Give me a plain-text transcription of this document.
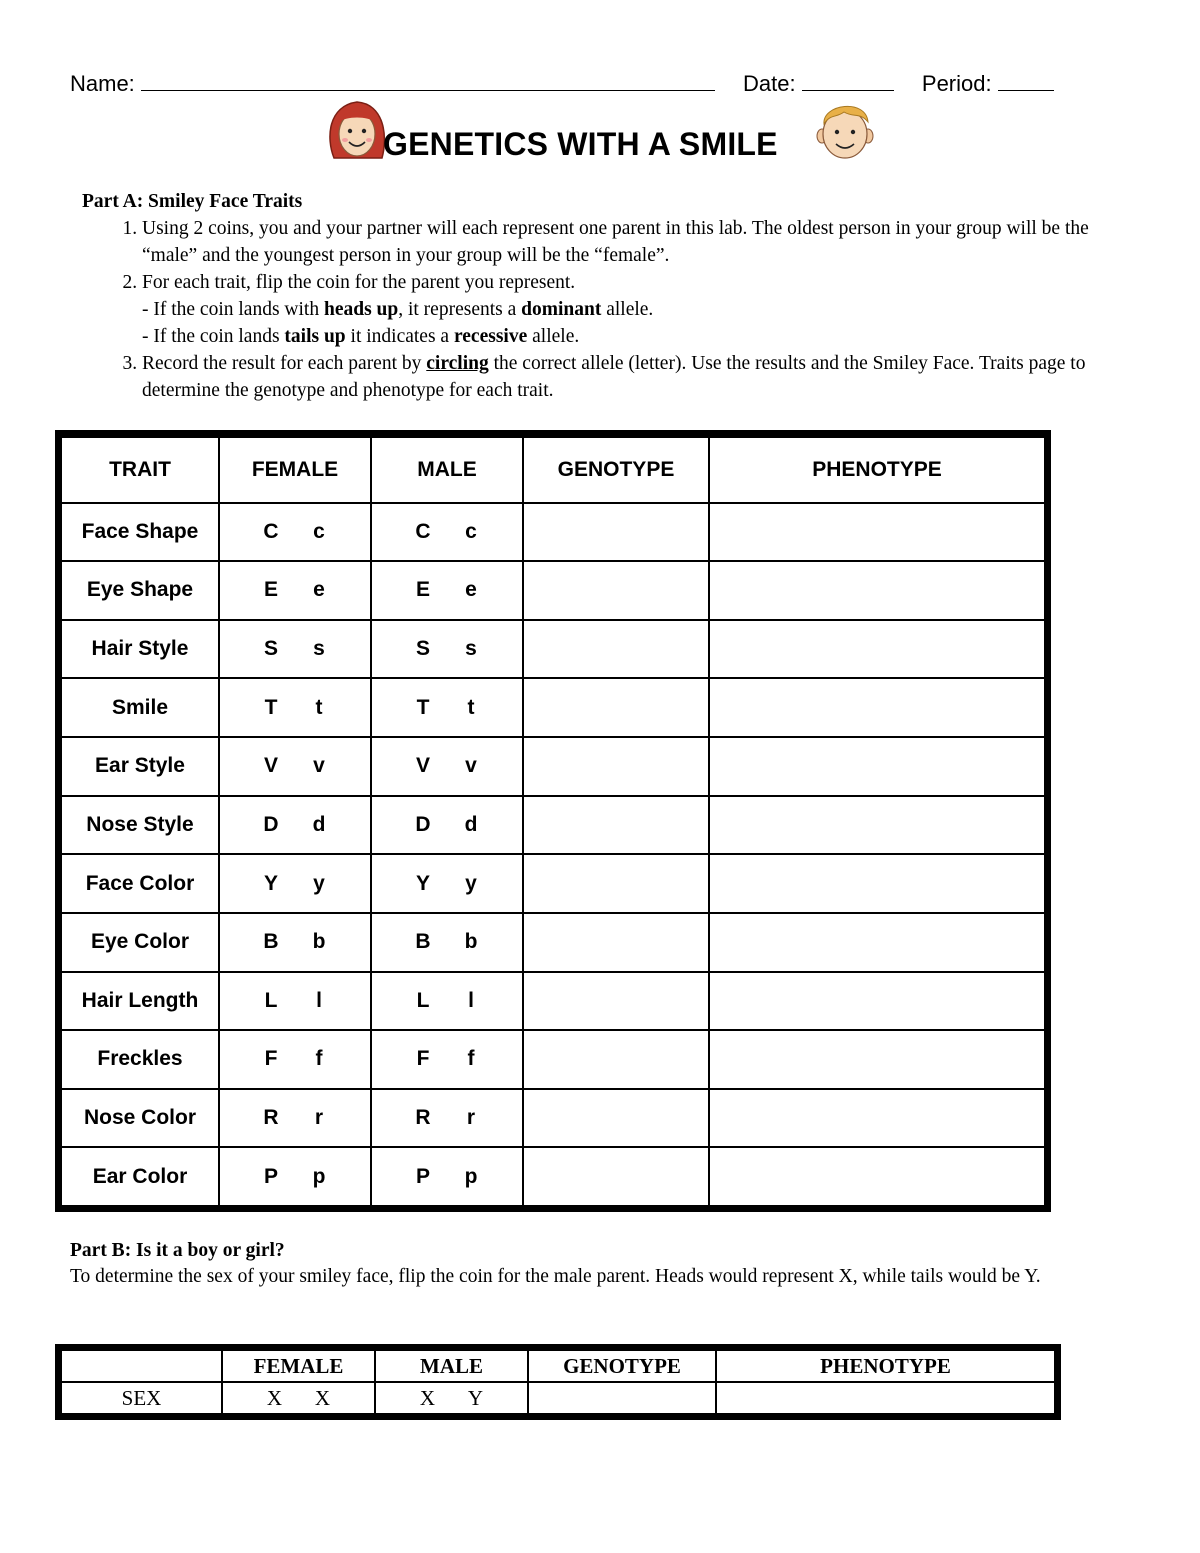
Name:	Date:	Period:
GENETICS WITH A SMILE
Part A: Smiley Face Traits
1. Using 2 coins, you and your partner will each represent one parent in this lab. The oldest person in your group will be the “male” and the youngest person in your group will be the “female”.
2. For each trait, flip the coin for the parent you represent.
- If the coin lands with heads up, it represents a dominant allele.
- If the coin lands tails up it indicates a recessive allele.
3. Record the result for each parent by circling the correct allele (letter). Use the results and the Smiley Face. Traits page to determine the genotype and phenotype for each trait.
TRAIT	FEMALE	MALE	GENOTYPE	PHENOTYPE
Face Shape	C c	C c		
Eye Shape	E e	E e		
Hair Style	S s	S s		
Smile	T t	T t		
Ear Style	V v	V v		
Nose Style	D d	D d		
Face Color	Y y	Y y		
Eye Color	B b	B b		
Hair Length	L l	L l		
Freckles	F f	F f		
Nose Color	R r	R r		
Ear Color	P p	P p		
Part B: Is it a boy or girl?

To determine the sex of your smiley face, flip the coin for the male parent. Heads would represent X, while tails would be Y.

	FEMALE	MALE	GENOTYPE	PHENOTYPE
SEX	X X	X Y		
